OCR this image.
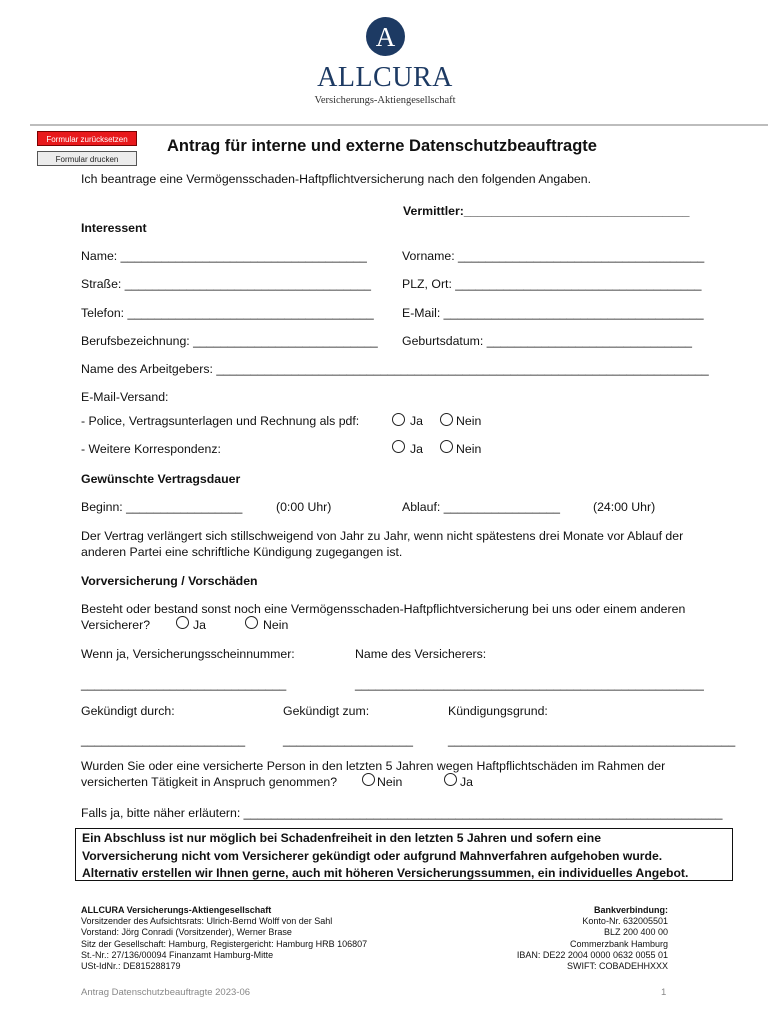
A
ALLCURA
Versicherungs-Aktiengesellschaft
Formular zurücksetzen
Formular drucken
Antrag für interne und externe Datenschutzbeauftragte
Ich beantrage eine Vermögensschaden-Haftpflichtversicherung nach den folgenden Angaben.
Vermittler:_________________________________
Interessent
Name: ____________________________________	Vorname: ____________________________________
Straße: ____________________________________	PLZ, Ort: ____________________________________
Telefon: ____________________________________ E-Mail: ______________________________________
Berufsbezeichnung: ___________________________ Geburtsdatum: ______________________________
Name des Arbeitgebers: ________________________________________________________________________
E-Mail-Versand:
- Police, Vertragsunterlagen und Rechnung als pdf:	Ja	Nein
- Weitere Korrespondenz:	Ja	Nein
Gewünschte Vertragsdauer
Beginn: _________________	(0:00 Uhr)	Ablauf: _________________	(24:00 Uhr)
Der Vertrag verlängert sich stillschweigend von Jahr zu Jahr, wenn nicht spätestens drei Monate vor Ablauf der
anderen Partei eine schriftliche Kündigung zugegangen ist.
Vorversicherung / Vorschäden
Besteht oder bestand sonst noch eine Vermögensschaden-Haftpflichtversicherung bei uns oder einem anderen
Versicherer?	Ja	Nein
Wenn ja, Versicherungsscheinnummer:	Name des Versicherers:
______________________________	___________________________________________________
Gekündigt durch:	Gekündigt zum:	Kündigungsgrund:
________________________	___________________	__________________________________________
Wurden Sie oder eine versicherte Person in den letzten 5 Jahren wegen Haftpflichtschäden im Rahmen der
versicherten Tätigkeit in Anspruch genommen?	Nein	Ja
Falls ja, bitte näher erläutern: ______________________________________________________________________
Ein Abschluss ist nur möglich bei Schadenfreiheit in den letzten 5 Jahren und sofern eine
Vorversicherung nicht vom Versicherer gekündigt oder aufgrund Mahnverfahren aufgehoben wurde.
Alternativ erstellen wir Ihnen gerne, auch mit höheren Versicherungssummen, ein individuelles Angebot.
ALLCURA Versicherungs-Aktiengesellschaft
Vorsitzender des Aufsichtsrats: Ulrich-Bernd Wolff von der Sahl
Vorstand: Jörg Conradi (Vorsitzender), Werner Brase
Sitz der Gesellschaft: Hamburg, Registergericht: Hamburg HRB 106807
St.-Nr.: 27/136/00094 Finanzamt Hamburg-Mitte
USt-IdNr.: DE815288179
Bankverbindung:
Konto-Nr. 632005501
BLZ 200 400 00
Commerzbank Hamburg
IBAN: DE22 2004 0000 0632 0055 01
SWIFT: COBADEHHXXX
Antrag Datenschutzbeauftragte 2023-06	1
